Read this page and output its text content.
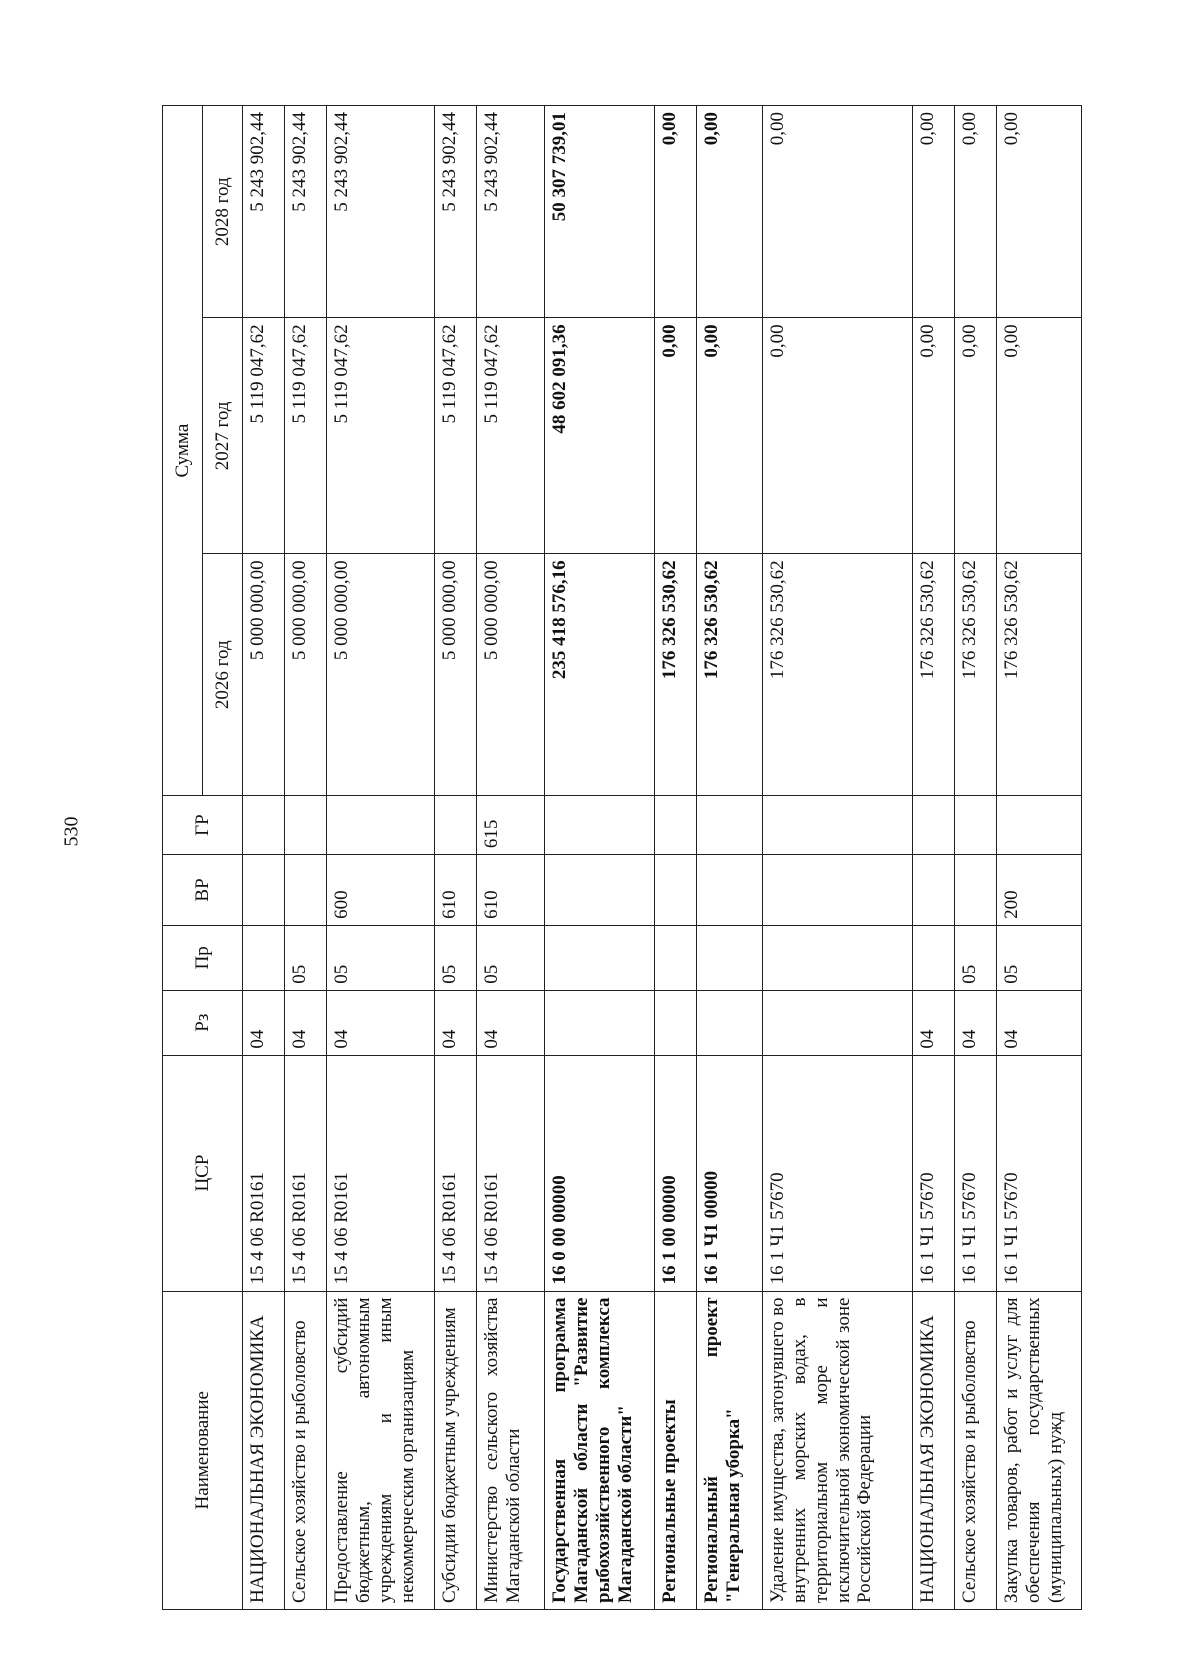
530
Наименование	ЦСР	Рз	Пр	ВР	ГР	Сумма		
						2026 год	2027 год	2028 год
НАЦИОНАЛЬНАЯ ЭКОНОМИКА	15 4 06 R0161	04				5 000 000,00	5 119 047,62	5 243 902,44
Сельское хозяйство и рыболовство	15 4 06 R0161	04	05			5 000 000,00	5 119 047,62	5 243 902,44
Предоставление субсидий бюджетным, автономным учреждениям и иным некоммерческим организациям	15 4 06 R0161	04	05	600		5 000 000,00	5 119 047,62	5 243 902,44
Субсидии бюджетным учреждениям	15 4 06 R0161	04	05	610		5 000 000,00	5 119 047,62	5 243 902,44
Министерство сельского хозяйства Магаданской области	15 4 06 R0161	04	05	610	615	5 000 000,00	5 119 047,62	5 243 902,44
Государственная программа Магаданской области "Развитие рыбохозяйственного комплекса Магаданской области"	16 0 00 00000					235 418 576,16	48 602 091,36	50 307 739,01
Региональные проекты	16 1 00 00000					176 326 530,62	0,00	0,00
Региональный проект "Генеральная уборка"	16 1 Ч1 00000					176 326 530,62	0,00	0,00
Удаление имущества, затонувшего во внутренних морских водах, в территориальном море и исключительной экономической зоне Российской Федерации	16 1 Ч1 57670					176 326 530,62	0,00	0,00
НАЦИОНАЛЬНАЯ ЭКОНОМИКА	16 1 Ч1 57670	04				176 326 530,62	0,00	0,00
Сельское хозяйство и рыболовство	16 1 Ч1 57670	04	05			176 326 530,62	0,00	0,00
Закупка товаров, работ и услуг для обеспечения государственных (муниципальных) нужд	16 1 Ч1 57670	04	05	200		176 326 530,62	0,00	0,00
